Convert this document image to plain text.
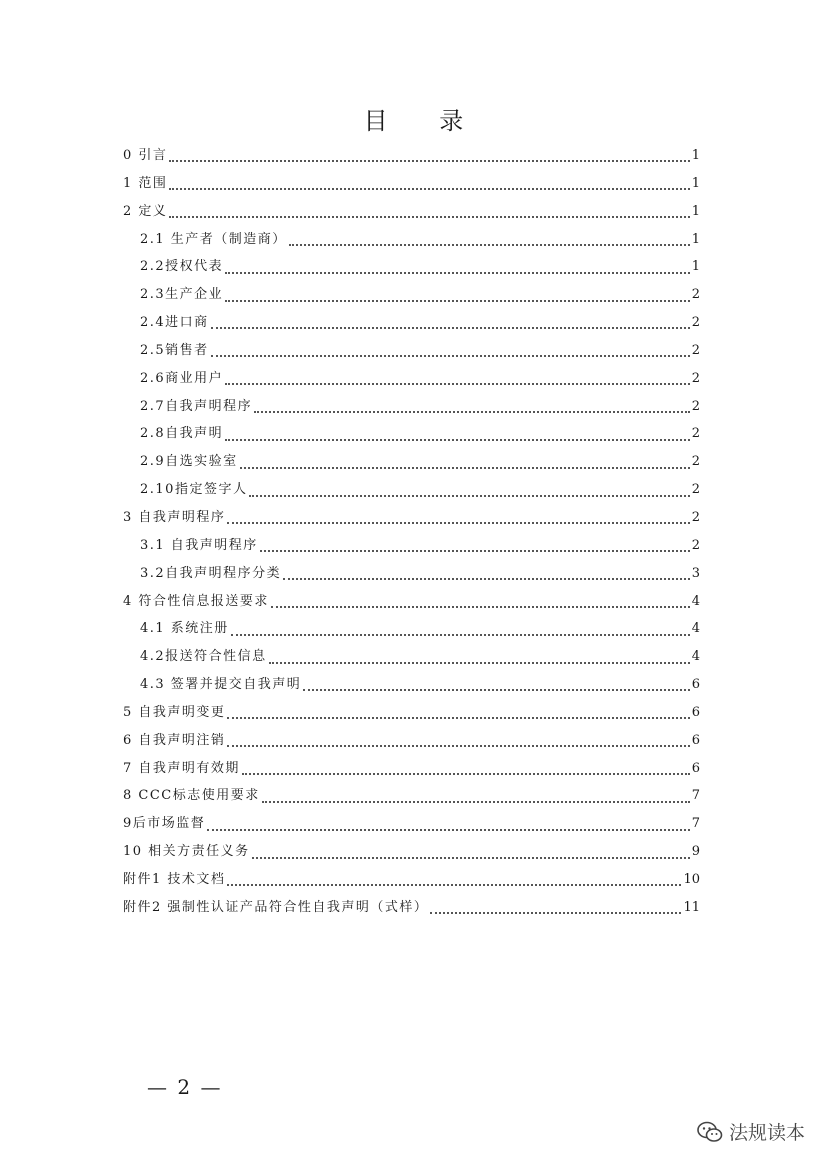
目 录
0 引言	1
1 范围	1
2 定义	1
2.1 生产者（制造商）	1
2.2授权代表	1
2.3生产企业	2
2.4进口商	2
2.5销售者	2
2.6商业用户	2
2.7自我声明程序	2
2.8自我声明	2
2.9自选实验室	2
2.10指定签字人	2
3 自我声明程序	2
3.1 自我声明程序	2
3.2自我声明程序分类	3
4 符合性信息报送要求	4
4.1 系统注册	4
4.2报送符合性信息	4
4.3 签署并提交自我声明	6
5 自我声明变更	6
6 自我声明注销	6
7 自我声明有效期	6
8 CCC标志使用要求	7
9后市场监督	7
10 相关方责任义务	9
附件1 技术文档	10
附件2 强制性认证产品符合性自我声明（式样）	11
— 2 —
法规读本
